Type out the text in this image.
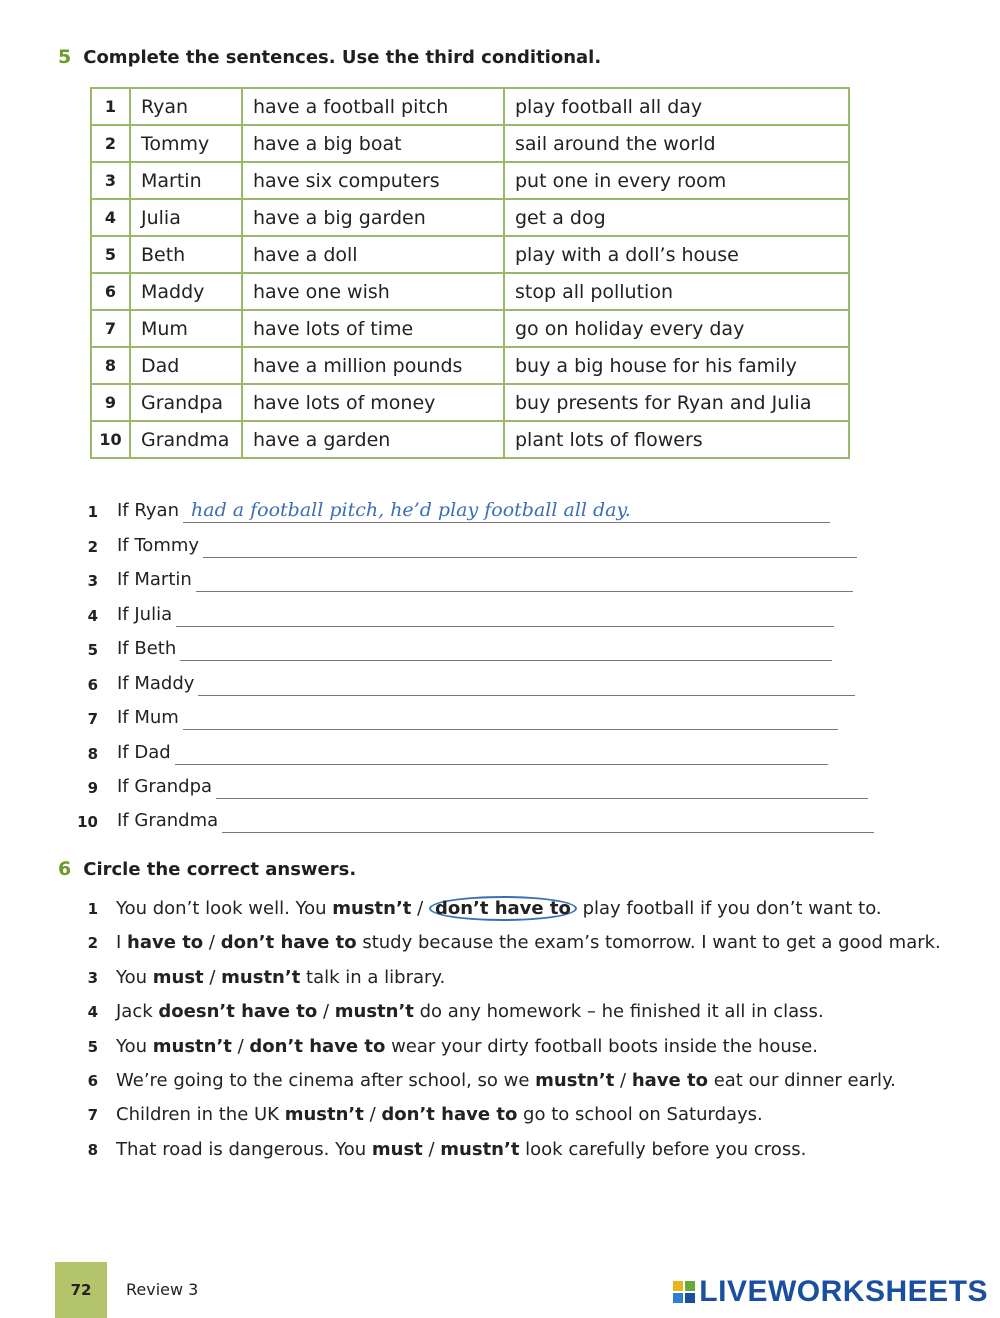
5 Complete the sentences. Use the third conditional.
1	Ryan	have a football pitch	play football all day
2	Tommy	have a big boat	sail around the world
3	Martin	have six computers	put one in every room
4	Julia	have a big garden	get a dog
5	Beth	have a doll	play with a doll’s house
6	Maddy	have one wish	stop all pollution
7	Mum	have lots of time	go on holiday every day
8	Dad	have a million pounds	buy a big house for his family
9	Grandpa	have lots of money	buy presents for Ryan and Julia
10	Grandma	have a garden	plant lots of flowers
1 If Ryan had a football pitch, he’d play football all day.
2 If Tommy
3 If Martin
4 If Julia
5 If Beth
6 If Maddy
7 If Mum
8 If Dad
9 If Grandpa
10 If Grandma
6 Circle the correct answers.
1 You don’t look well. You mustn’t / don’t have to play football if you don’t want to.
2 I have to / don’t have to study because the exam’s tomorrow. I want to get a good mark.
3 You must / mustn’t talk in a library.
4 Jack doesn’t have to / mustn’t do any homework – he finished it all in class.
5 You mustn’t / don’t have to wear your dirty football boots inside the house.
6 We’re going to the cinema after school, so we mustn’t / have to eat our dinner early.
7 Children in the UK mustn’t / don’t have to go to school on Saturdays.
8 That road is dangerous. You must / mustn’t look carefully before you cross.
72	Review 3	LIVEWORKSHEETS
